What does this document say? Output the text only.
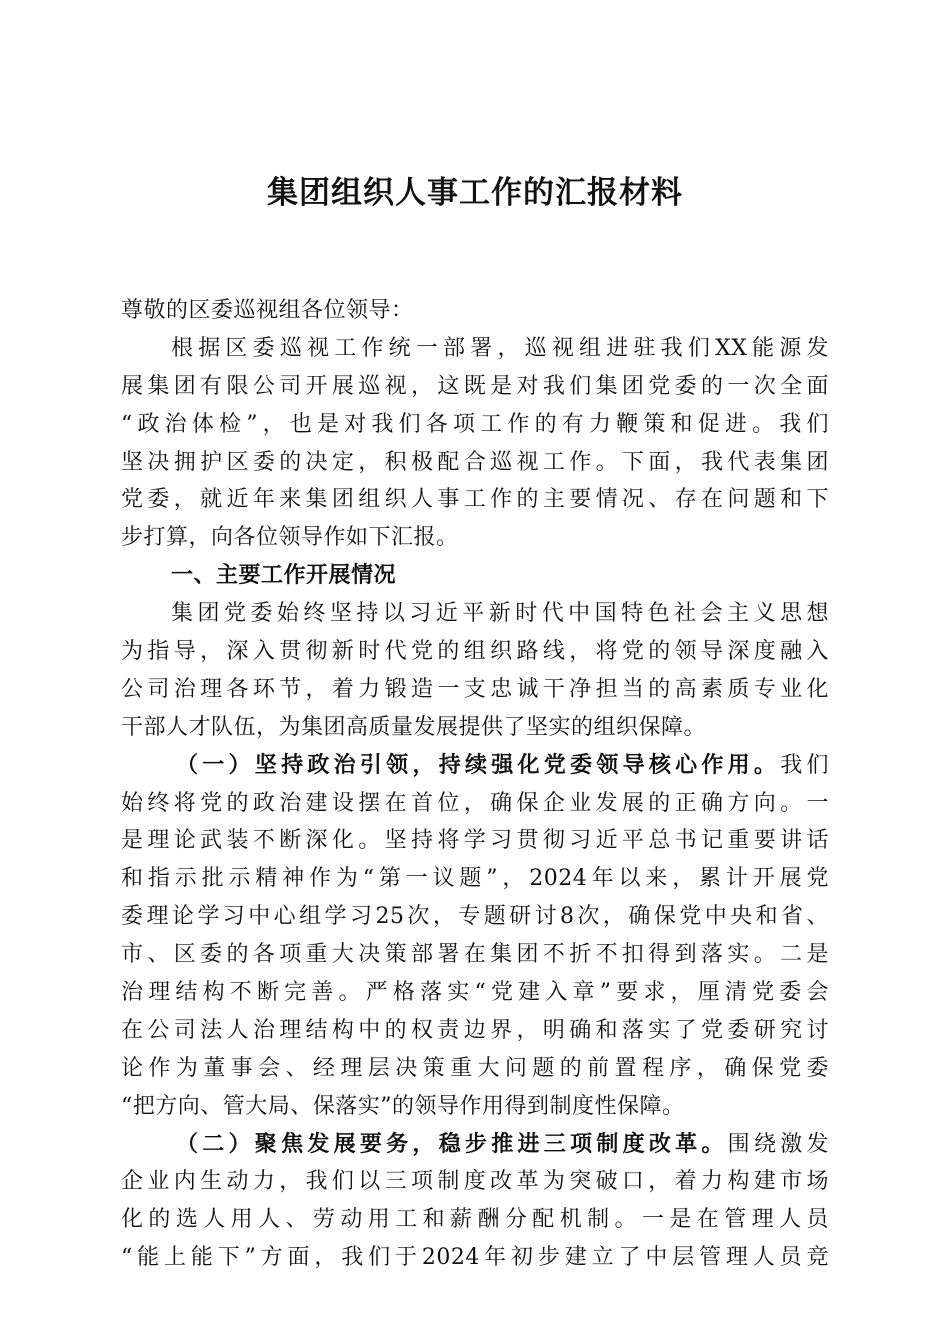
集团组织人事工作的汇报材料
尊敬的区委巡视组各位领导：
根据区委巡视工作统一部署，巡视组进驻我们XX能源发
展集团有限公司开展巡视，这既是对我们集团党委的一次全面
“政治体检”，也是对我们各项工作的有力鞭策和促进。我们
坚决拥护区委的决定，积极配合巡视工作。下面，我代表集团
党委，就近年来集团组织人事工作的主要情况、存在问题和下
步打算，向各位领导作如下汇报。
一、主要工作开展情况
集团党委始终坚持以习近平新时代中国特色社会主义思想
为指导，深入贯彻新时代党的组织路线，将党的领导深度融入
公司治理各环节，着力锻造一支忠诚干净担当的高素质专业化
干部人才队伍，为集团高质量发展提供了坚实的组织保障。
（一）坚持政治引领，持续强化党委领导核心作用。我们
始终将党的政治建设摆在首位，确保企业发展的正确方向。一
是理论武装不断深化。坚持将学习贯彻习近平总书记重要讲话
和指示批示精神作为“第一议题”，2024年以来，累计开展党
委理论学习中心组学习25次，专题研讨8次，确保党中央和省、
市、区委的各项重大决策部署在集团不折不扣得到落实。二是
治理结构不断完善。严格落实“党建入章”要求，厘清党委会
在公司法人治理结构中的权责边界，明确和落实了党委研究讨
论作为董事会、经理层决策重大问题的前置程序，确保党委
“把方向、管大局、保落实”的领导作用得到制度性保障。
（二）聚焦发展要务，稳步推进三项制度改革。围绕激发
企业内生动力，我们以三项制度改革为突破口，着力构建市场
化的选人用人、劳动用工和薪酬分配机制。一是在管理人员
“能上能下”方面，我们于2024年初步建立了中层管理人员竞
